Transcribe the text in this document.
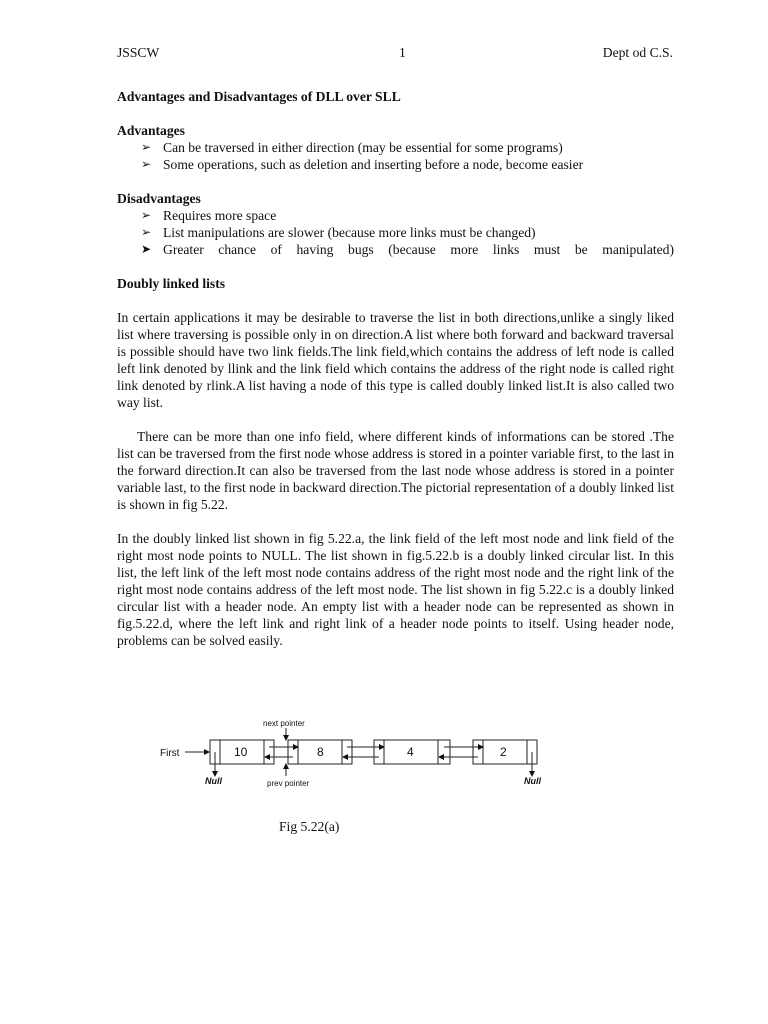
JSSCW	1	Dept od C.S.
Advantages and Disadvantages of DLL over SLL
Advantages
➢ Can be traversed in either direction (may be essential for some programs)
➢ Some operations, such as deletion and inserting before a node, become easier
Disadvantages
➢ Requires more space
➢ List manipulations are slower (because more links must be changed)
➤ Greater chance of having bugs (because more links must be manipulated)
Doubly linked lists

In certain applications it may be desirable to traverse the list in both directions,unlike a singly liked list where traversing is possible only in on direction.A list where both forward and backward traversal is possible should have two link fields.The link field,which contains the address of left node is called left link denoted by llink and the link field which contains the address of the right node is called right link denoted by rlink.A list having a node of this type is called doubly linked list.It is also called two way list.

There can be more than one info field, where different kinds of informations can be stored .The list can be traversed from the first node whose address is stored in a pointer variable first, to the last in the forward direction.It can also be traversed from the last node whose address is stored in a pointer variable last, to the first node in backward direction.The pictorial representation of a doubly linked list is shown in fig 5.22.

In the doubly linked list shown in fig 5.22.a, the link field of the left most node and link field of the right most node points to NULL. The list shown in fig.5.22.b is a doubly linked circular list. In this list, the left link of the left most node contains address of the right most node and the right link of the right most node contains address of the left most node. The list shown in fig 5.22.c is a doubly linked circular list with a header node. An empty list with a header node can be represented as shown in fig.5.22.d, where the left link and right link of a header node points to itself. Using header node, problems can be solved easily.

First
next pointer
prev pointer
Null	Null
10	8	4	2
Fig 5.22(a)
